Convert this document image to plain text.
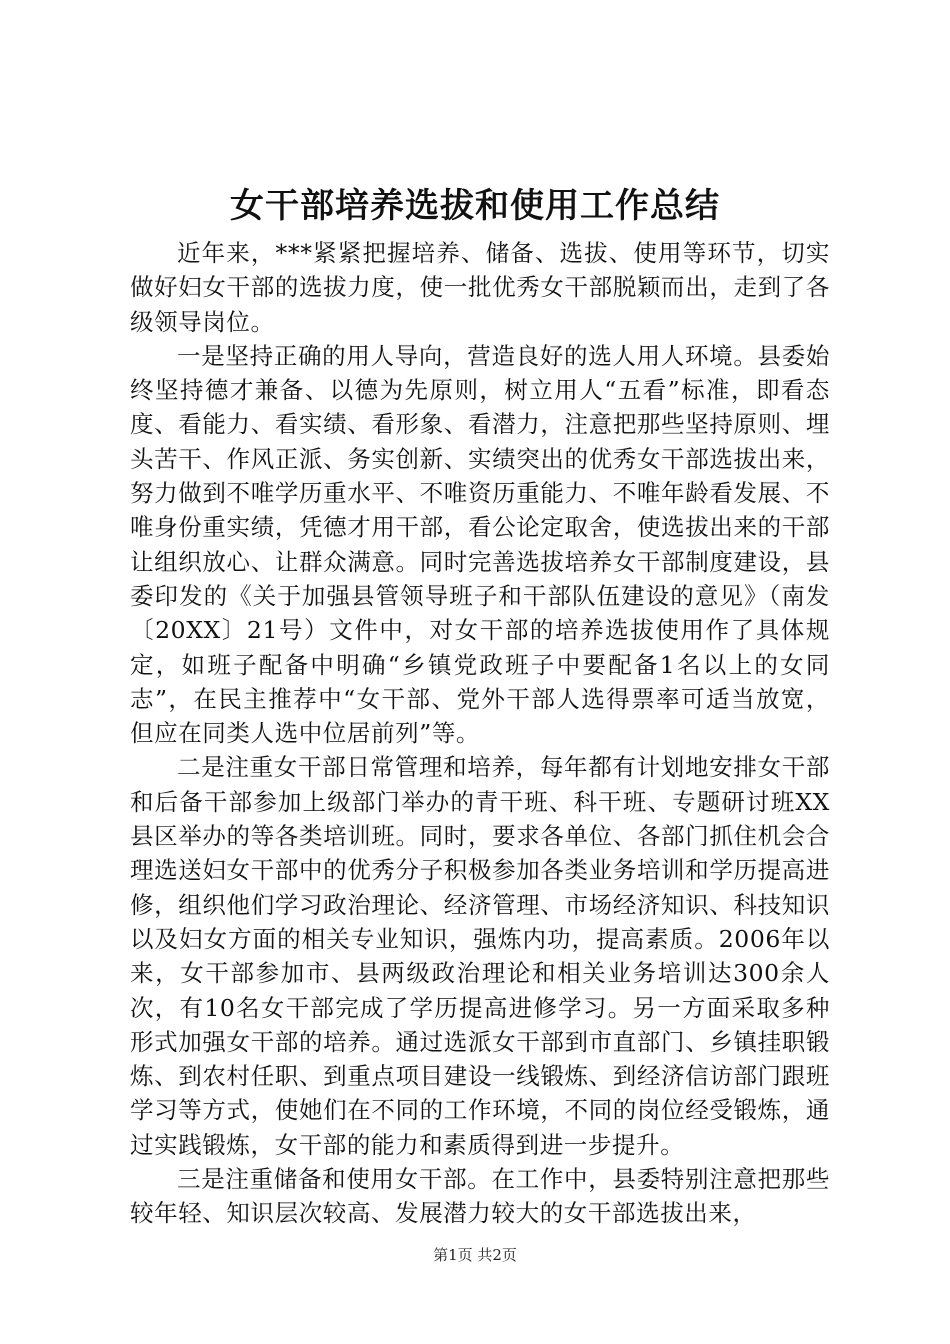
女干部培养选拔和使用工作总结

近年来，***紧紧把握培养、储备、选拔、使用等环节，切实做好妇女干部的选拔力度，使一批优秀女干部脱颖而出，走到了各级领导岗位。

一是坚持正确的用人导向，营造良好的选人用人环境。县委始终坚持德才兼备、以德为先原则，树立用人“五看”标准，即看态度、看能力、看实绩、看形象、看潜力，注意把那些坚持原则、埋头苦干、作风正派、务实创新、实绩突出的优秀女干部选拔出来，努力做到不唯学历重水平、不唯资历重能力、不唯年龄看发展、不唯身份重实绩，凭德才用干部，看公论定取舍，使选拔出来的干部让组织放心、让群众满意。同时完善选拔培养女干部制度建设，县委印发的《关于加强县管领导班子和干部队伍建设的意见》（南发〔20XX〕21号）文件中，对女干部的培养选拔使用作了具体规定，如班子配备中明确“乡镇党政班子中要配备1名以上的女同志”，在民主推荐中“女干部、党外干部人选得票率可适当放宽，但应在同类人选中位居前列”等。

二是注重女干部日常管理和培养，每年都有计划地安排女干部和后备干部参加上级部门举办的青干班、科干班、专题研讨班XX县区举办的等各类培训班。同时，要求各单位、各部门抓住机会合理选送妇女干部中的优秀分子积极参加各类业务培训和学历提高进修，组织他们学习政治理论、经济管理、市场经济知识、科技知识以及妇女方面的相关专业知识，强炼内功，提高素质。2006年以来，女干部参加市、县两级政治理论和相关业务培训达300余人次，有10名女干部完成了学历提高进修学习。另一方面采取多种形式加强女干部的培养。通过选派女干部到市直部门、乡镇挂职锻炼、到农村任职、到重点项目建设一线锻炼、到经济信访部门跟班学习等方式，使她们在不同的工作环境，不同的岗位经受锻炼，通过实践锻炼，女干部的能力和素质得到进一步提升。

三是注重储备和使用女干部。在工作中，县委特别注意把那些较年轻、知识层次较高、发展潜力较大的女干部选拔出来，

第1页 共2页
